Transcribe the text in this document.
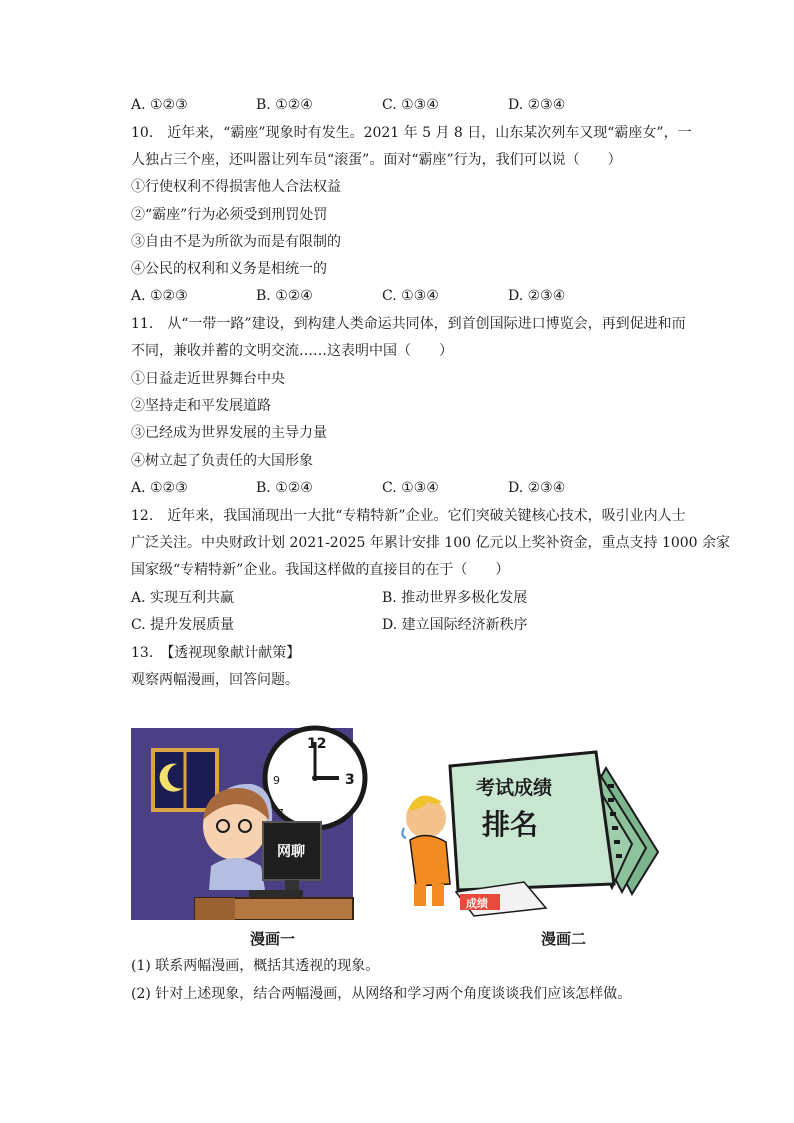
A. ①②③	B. ①②④	C. ①③④	D. ②③④
10.　近年来，“霸座”现象时有发生。2021 年 5 月 8 日，山东某次列车又现“霸座女”，一
人独占三个座，还叫嚣让列车员“滚蛋”。面对“霸座”行为，我们可以说（　　）
①行使权利不得损害他人合法权益
②“霸座”行为必须受到刑罚处罚
③自由不是为所欲为而是有限制的
④公民的权利和义务是相统一的
A. ①②③	B. ①②④	C. ①③④	D. ②③④
11.　从“一带一路”建设，到构建人类命运共同体，到首创国际进口博览会，再到促进和而
不同，兼收并蓄的文明交流……这表明中国（　　）
①日益走近世界舞台中央
②坚持走和平发展道路
③已经成为世界发展的主导力量
④树立起了负责任的大国形象
A. ①②③	B. ①②④	C. ①③④	D. ②③④
12.　近年来，我国涌现出一大批“专精特新”企业。它们突破关键核心技术，吸引业内人士
广泛关注。中央财政计划 2021-2025 年累计安排 100 亿元以上奖补资金，重点支持 1000 余家
国家级“专精特新”企业。我国这样做的直接目的在于（　　）
A. 实现互利共赢	B. 推动世界多极化发展
C. 提升发展质量	D. 建立国际经济新秩序
13.　【透视现象献计献策】
观察两幅漫画，回答问题。
12
3
7
9
网聊
漫画一
考试成绩
排名
成绩
漫画二
(1) 联系两幅漫画，概括其透视的现象。
(2) 针对上述现象，结合两幅漫画，从网络和学习两个角度谈谈我们应该怎样做。
